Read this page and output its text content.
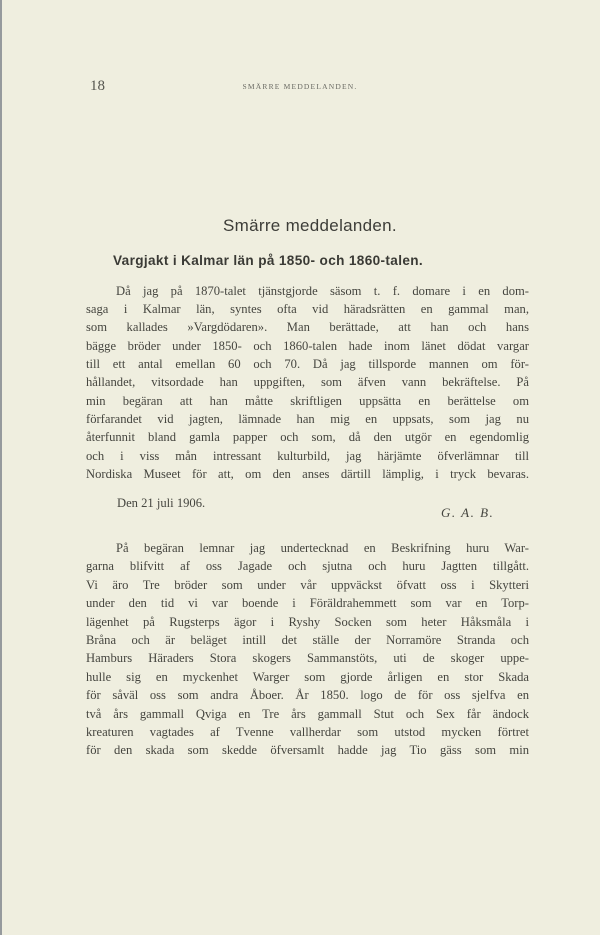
18	SMÄRRE MEDDELANDEN.
Smärre meddelanden.
Vargjakt i Kalmar län på 1850- och 1860-talen.
Då jag på 1870-talet tjänstgjorde säsom t. f. domare i en dom-
saga i Kalmar län, syntes ofta vid häradsrätten en gammal man,
som kallades »Vargdödaren». Man berättade, att han och hans
bägge bröder under 1850- och 1860-talen hade inom länet dödat vargar
till ett antal emellan 60 och 70. Då jag tillsporde mannen om för-
hållandet, vitsordade han uppgiften, som äfven vann bekräftelse. På
min begäran att han måtte skriftligen uppsätta en berättelse om
förfarandet vid jagten, lämnade han mig en uppsats, som jag nu
återfunnit bland gamla papper och som, då den utgör en egendomlig
och i viss mån intressant kulturbild, jag härjämte öfverlämnar till
Nordiska Museet för att, om den anses därtill lämplig, i tryck bevaras.
Den 21 juli 1906.
G. A. B.
På begäran lemnar jag undertecknad en Beskrifning huru War-
garna blifvitt af oss Jagade och sjutna och huru Jagtten tillgått.
Vi äro Tre bröder som under vår uppväckst öfvatt oss i Skytteri
under den tid vi var boende i Föräldrahemmett som var en Torp-
lägenhet på Rugsterps ägor i Ryshy Socken som heter Håksmåla i
Bråna och är beläget intill det ställe der Norramöre Stranda och
Hamburs Häraders Stora skogers Sammanstöts, uti de skoger uppe-
hulle sig en myckenhet Warger som gjorde årligen en stor Skada
för såväl oss som andra Åboer. År 1850. logo de för oss sjelfva en
två års gammall Qviga en Tre års gammall Stut och Sex får ändock
kreaturen vagtades af Tvenne vallherdar som utstod mycken förtret
för den skada som skedde öfversamlt hadde jag Tio gäss som min
